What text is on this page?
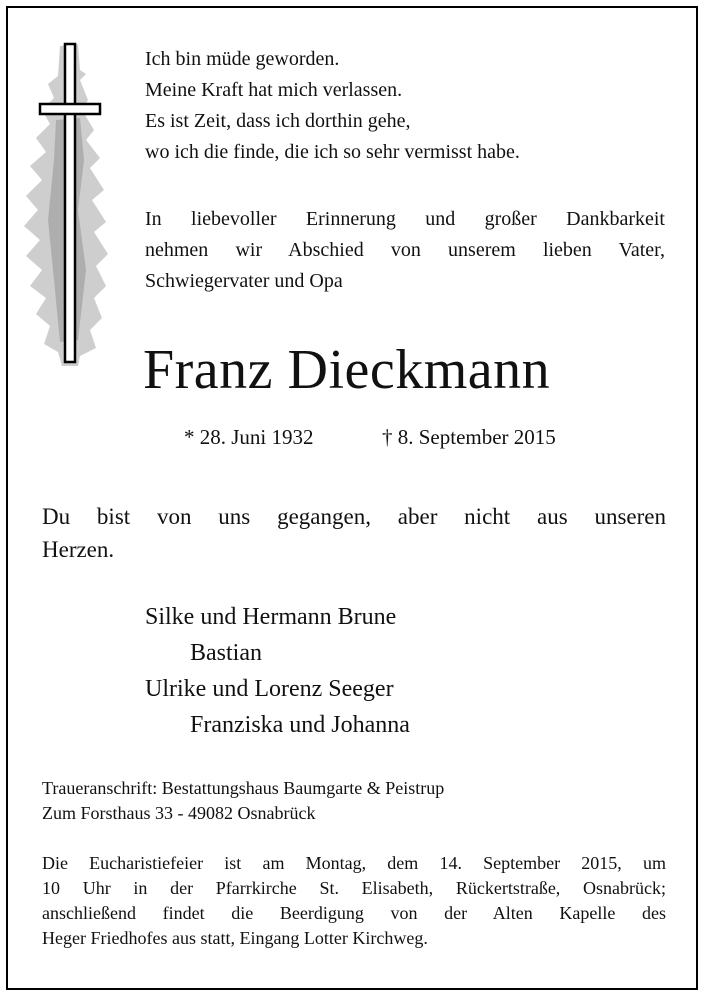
Ich bin müde geworden.
Meine Kraft hat mich verlassen.
Es ist Zeit, dass ich dorthin gehe,
wo ich die finde, die ich so sehr vermisst habe.
In liebevoller Erinnerung und großer Dankbarkeit
nehmen wir Abschied von unserem lieben Vater,
Schwiegervater und Opa
Franz Dieckmann
* 28. Juni 1932	† 8. September 2015
Du bist von uns gegangen, aber nicht aus unseren
Herzen.
Silke und Hermann Brune
Bastian
Ulrike und Lorenz Seeger
Franziska und Johanna
Traueranschrift: Bestattungshaus Baumgarte & Peistrup
Zum Forsthaus 33 - 49082 Osnabrück
Die Eucharistiefeier ist am Montag, dem 14. September 2015, um
10 Uhr in der Pfarrkirche St. Elisabeth, Rückertstraße, Osnabrück;
anschließend findet die Beerdigung von der Alten Kapelle des
Heger Friedhofes aus statt, Eingang Lotter Kirchweg.
